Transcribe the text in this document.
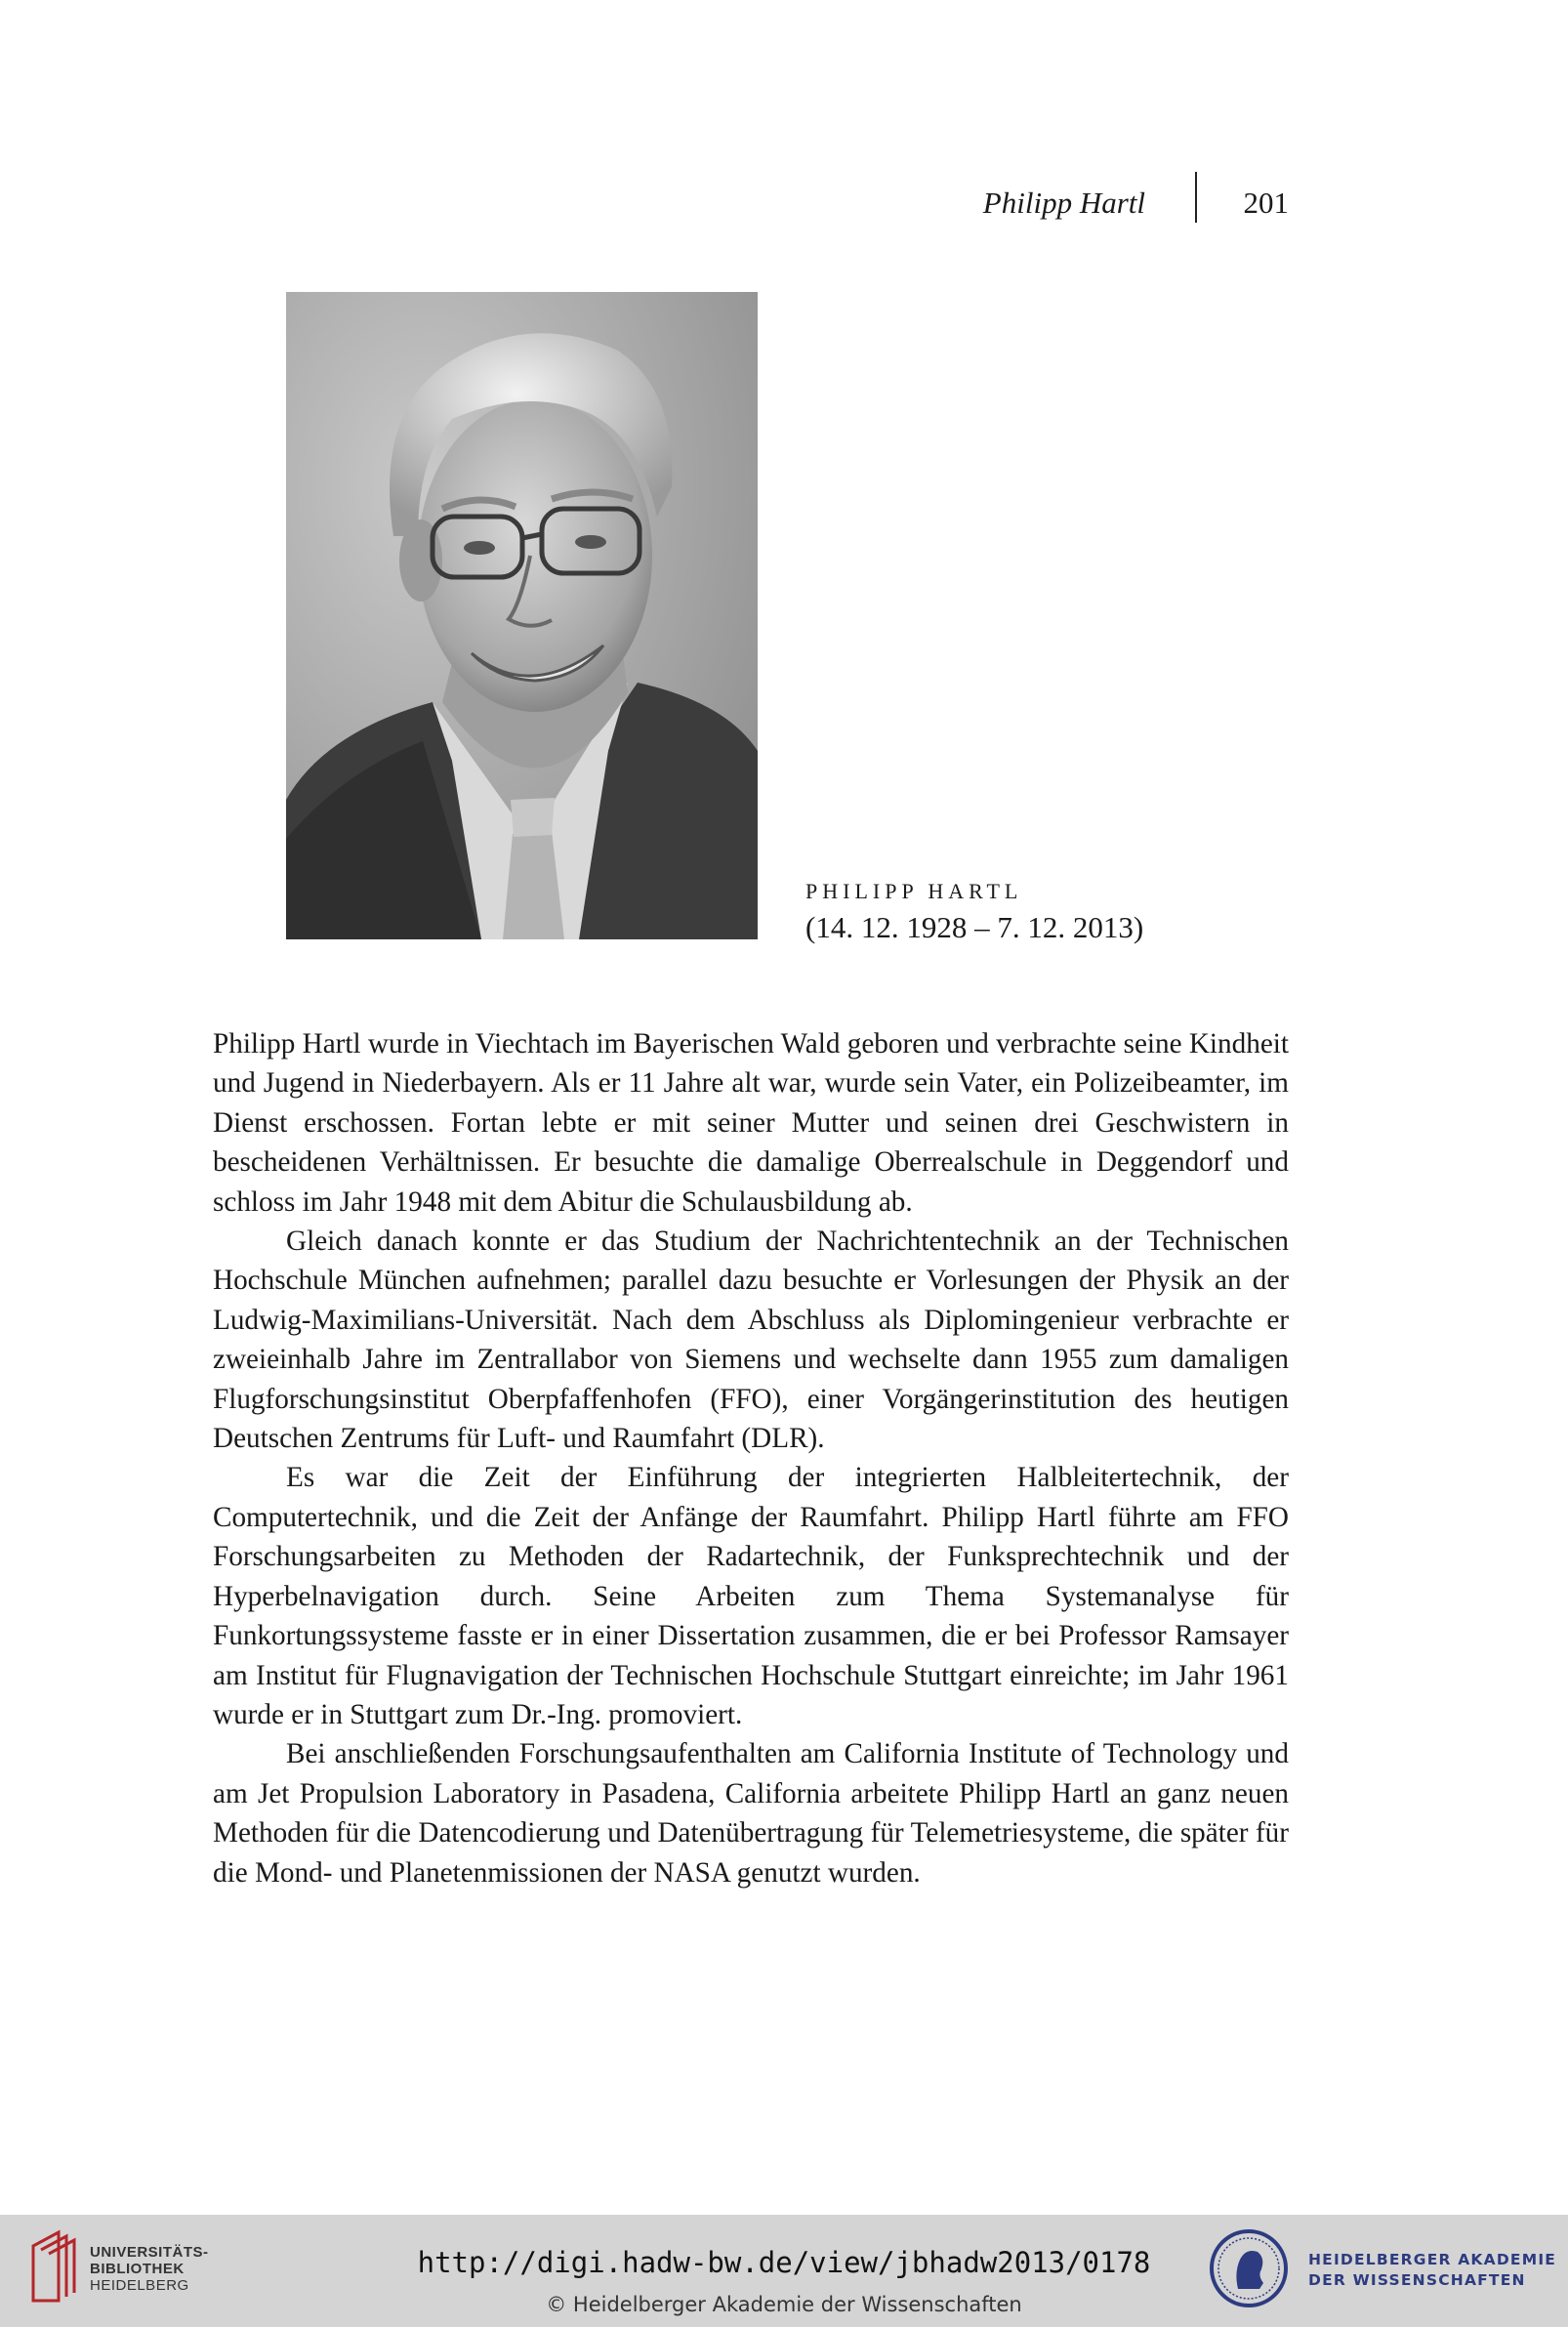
Philipp Hartl	201
PHILIPP HARTL
(14. 12. 1928 – 7. 12. 2013)

Philipp Hartl wurde in Viechtach im Bayerischen Wald geboren und verbrachte seine Kindheit und Jugend in Niederbayern. Als er 11 Jahre alt war, wurde sein Vater, ein Polizeibeamter, im Dienst erschossen. Fortan lebte er mit seiner Mutter und seinen drei Geschwistern in bescheidenen Verhältnissen. Er besuchte die damalige Oberrealschule in Deggendorf und schloss im Jahr 1948 mit dem Abitur die Schulausbildung ab.

Gleich danach konnte er das Studium der Nachrichtentechnik an der Technischen Hochschule München aufnehmen; parallel dazu besuchte er Vorlesungen der Physik an der Ludwig-Maximilians-Universität. Nach dem Abschluss als Diplomingenieur verbrachte er zweieinhalb Jahre im Zentrallabor von Siemens und wechselte dann 1955 zum damaligen Flugforschungsinstitut Oberpfaffenhofen (FFO), einer Vorgängerinstitution des heutigen Deutschen Zentrums für Luft- und Raumfahrt (DLR).

Es war die Zeit der Einführung der integrierten Halbleitertechnik, der Computertechnik, und die Zeit der Anfänge der Raumfahrt. Philipp Hartl führte am FFO Forschungsarbeiten zu Methoden der Radartechnik, der Funksprechtechnik und der Hyperbelnavigation durch. Seine Arbeiten zum Thema Systemanalyse für Funkortungssysteme fasste er in einer Dissertation zusammen, die er bei Professor Ramsayer am Institut für Flugnavigation der Technischen Hochschule Stuttgart einreichte; im Jahr 1961 wurde er in Stuttgart zum Dr.-Ing. promoviert.

Bei anschließenden Forschungsaufenthalten am California Institute of Technology und am Jet Propulsion Laboratory in Pasadena, California arbeitete Philipp Hartl an ganz neuen Methoden für die Datencodierung und Datenübertragung für Telemetriesysteme, die später für die Mond- und Planetenmissionen der NASA genutzt wurden.

UNIVERSITÄTS-
BIBLIOTHEK
HEIDELBERG
http://digi.hadw-bw.de/view/jbhadw2013/0178
© Heidelberger Akademie der Wissenschaften
HEIDELBERGER AKADEMIE
DER WISSENSCHAFTEN
